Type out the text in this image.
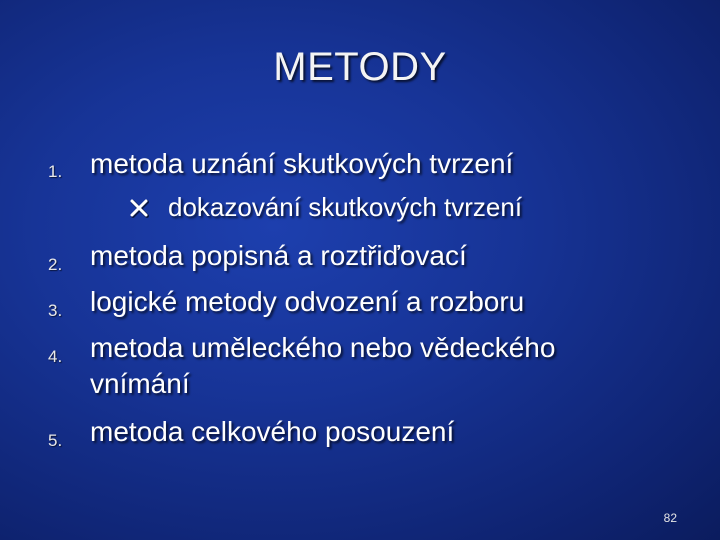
METODY
1. metoda uznání skutkových tvrzení
dokazování skutkových tvrzení
2. metoda popisná a roztřiďovací
3. logické metody odvození a rozboru
4. metoda uměleckého nebo vědeckého vnímání
5. metoda celkového posouzení
82
